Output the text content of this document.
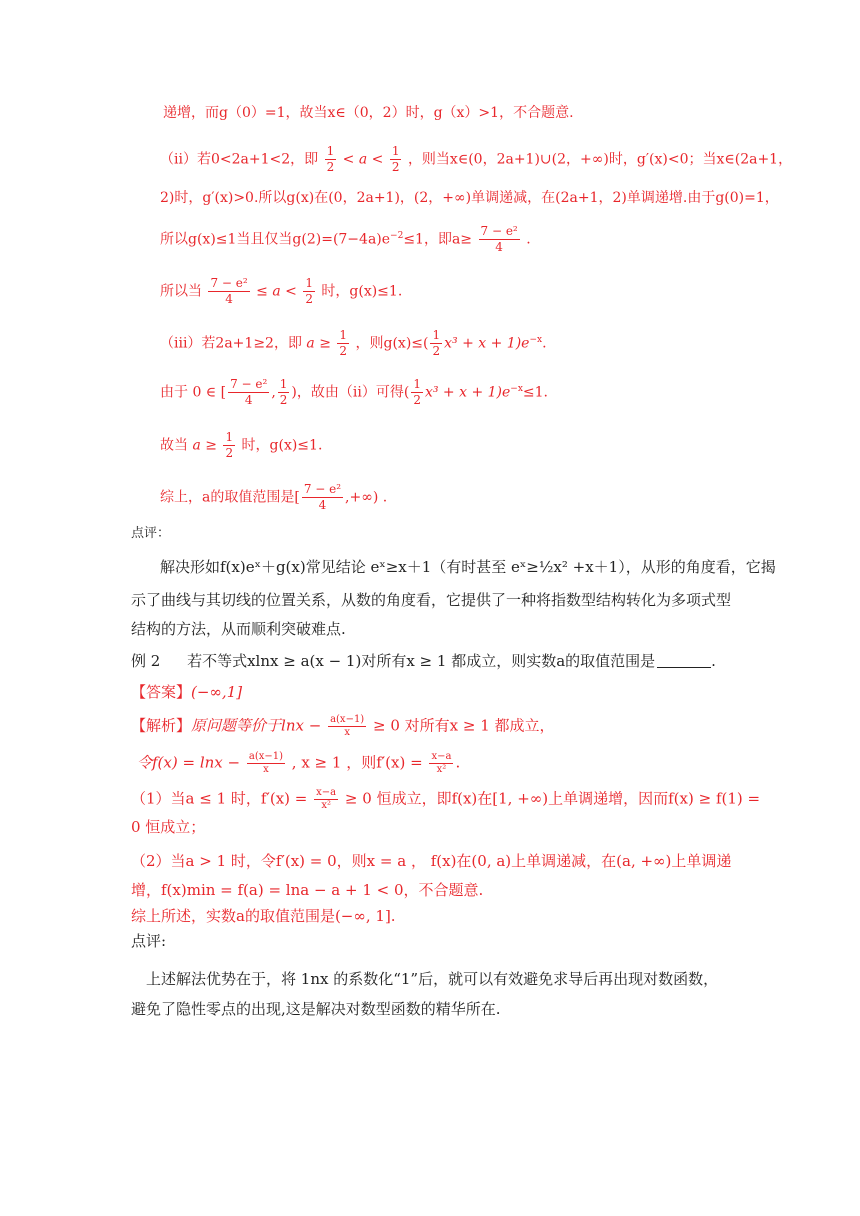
递增，而g（0）=1，故当x∈（0，2）时，g（x）>1，不合题意.
（ii）若0<2a+1<2，即 $\frac{1}{2} < a < \frac{1}{2}$ ，则当x∈(0，2a+1)∪(2，+∞)时，g′(x)<0；当x∈(2a+1，
2)时，g′(x)>0.所以g(x)在(0，2a+1)，(2，+∞)单调递减，在(2a+1，2)单调递增.由于g(0)=1，
所以g(x)≤1当且仅当$g(2)=(7-4a)e^{-2}\le 1$，即$a\ge \frac{\text{7 − e²}}{4}$ .
所以当 $\frac{\text{7 − e²}}{4} \le a < \frac{1}{2}$ 时，g(x)≤1.
（iii）若2a+1≥2，即 $a \ge \frac{1}{2}$ ，则$g(x)\le( \frac{1}{2} x^3 + x + 1)e^{-x}$.
由于 0 ∈ [ $\frac{\text{7 − e²}}{4}$ , $\frac{1}{2}$ )，故由（ii）可得( $\frac{1}{2} x^3 + x + 1)e^{-x}\le 1$.
故当 $a \ge \frac{1}{2}$ 时，g(x)≤1.
综上，a的取值范围是[ $\frac{\text{7 − e²}}{4}$ ,+∞) .
点评：
解决形如f(x)eˣ＋g(x)常见结论 eˣ≥x＋1（有时甚至 eˣ≥½x² +x＋1），从形的角度看，它揭
示了曲线与其切线的位置关系，从数的角度看，它提供了一种将指数型结构转化为多项式型
结构的方法，从而顺利突破难点.
例 2 若不等式xlnx ≥ a(x − 1)对所有x ≥ 1 都成立，则实数a的取值范围是	.
【答案】(−∞,1]
【解析】原问题等价于$\ln x - \frac{a(x-1)}{x} \ge 0$ 对所有x ≥ 1 都成立，
令$f(x) = \ln x - \frac{a(x-1)}{x}$ , x ≥ 1 ，则$f'(x) = \frac{x-a}{\text{x²}}$ .
（1）当a ≤ 1 时，$f'(x) = \frac{x-a}{\text{x²}} \ge 0$ 恒成立，即f(x)在[1, +∞)上单调递增，因而f(x) ≥ f(1) =
0 恒成立；
（2）当a > 1 时，令f′(x) = 0，则x = a ， f(x)在(0, a)上单调递减，在(a, +∞)上单调递
增，f(x)min = f(a) = lna − a + 1 < 0，不合题意.
综上所述，实数a的取值范围是(−∞, 1].
点评:
上述解法优势在于，将 1nx 的系数化“1”后，就可以有效避免求导后再出现对数函数，
避免了隐性零点的出现,这是解决对数型函数的精华所在.
